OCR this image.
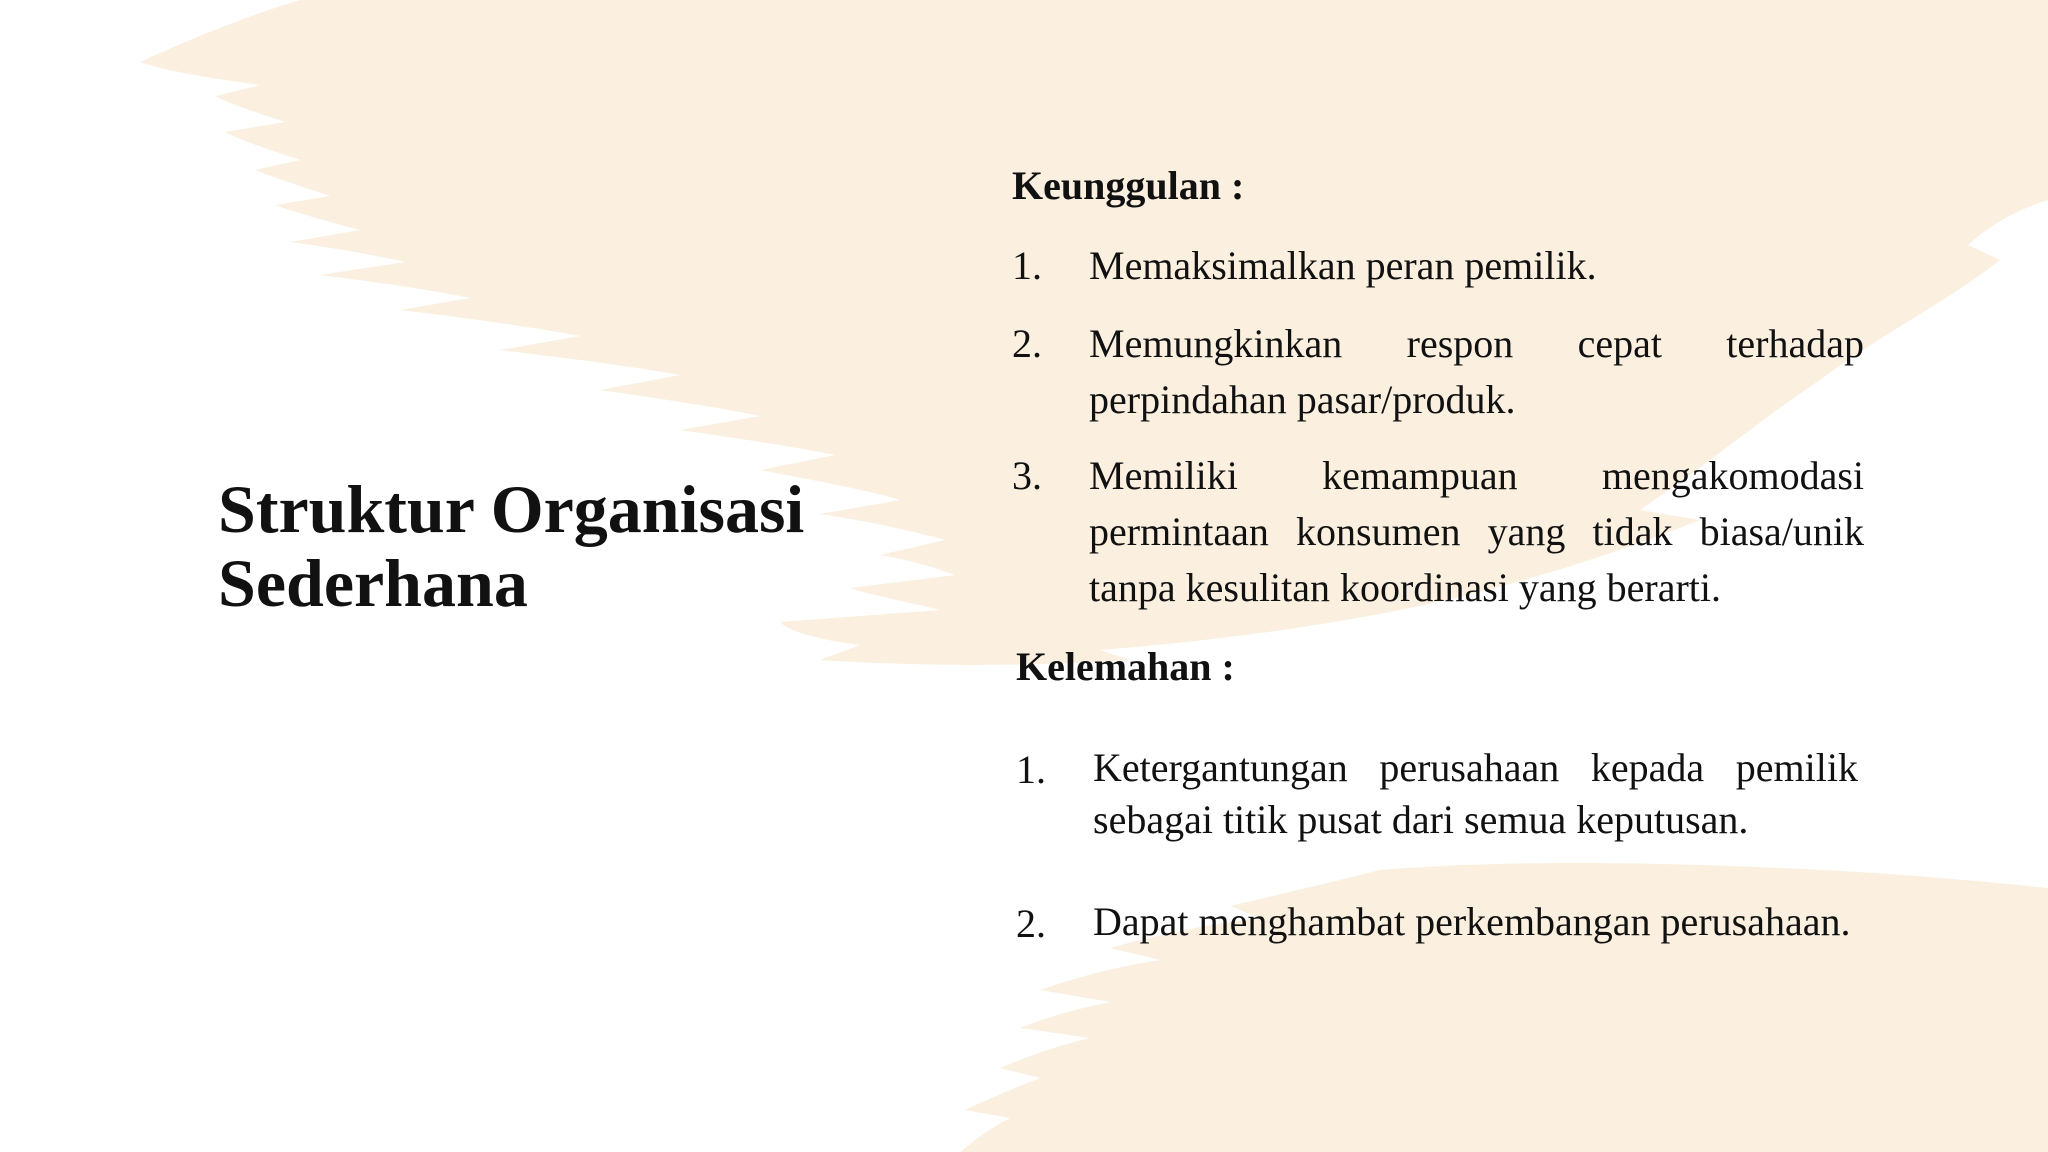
Struktur Organisasi
Sederhana
Keunggulan :
1. Memaksimalkan peran pemilik.
2. Memungkinkan respon cepat terhadap perpindahan pasar/produk.
3. Memiliki kemampuan mengakomodasi permintaan konsumen yang tidak biasa/unik tanpa kesulitan koordinasi yang berarti.
Kelemahan :
1. Ketergantungan perusahaan kepada pemilik sebagai titik pusat dari semua keputusan.
2. Dapat menghambat perkembangan perusahaan.
